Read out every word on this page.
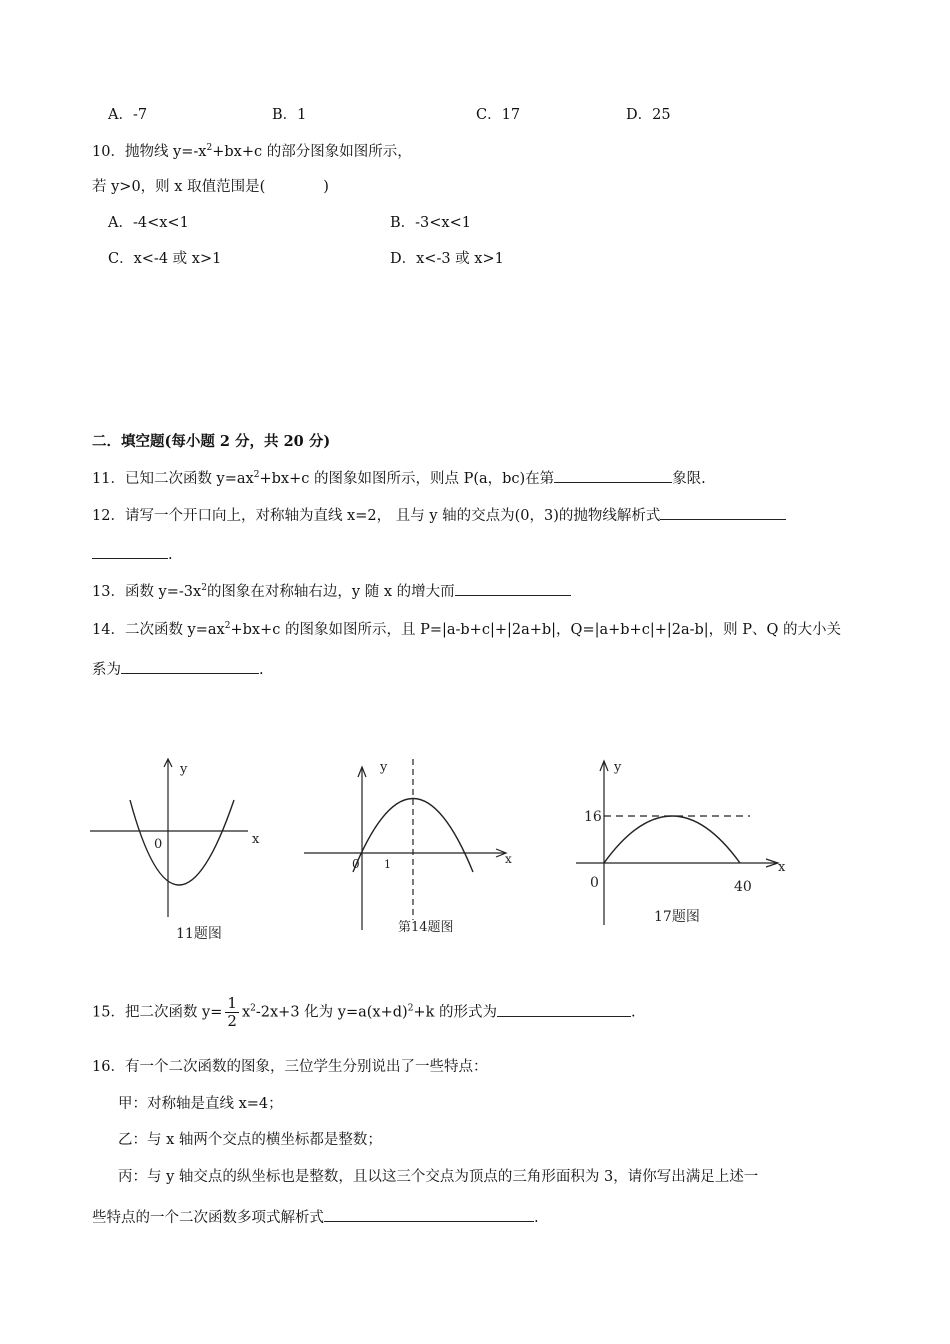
A．-7	B．1	C．17	D．25
10．抛物线 $y=-x^2+bx+c$ 的部分图象如图所示，
若 y>0，则 x 取值范围是(	)
A．-4<x<1	B．-3<x<1
C．x<-4 或 x>1	D．x<-3 或 x>1
二．填空题(每小题 2 分，共 20 分)
11．已知二次函数 $y=ax^2+bx+c$ 的图象如图所示，则点 P(a，bc)在第	象限.
12．请写一个开口向上，对称轴为直线 x=2， 且与 y 轴的交点为(0，3)的抛物线解析式
.
13．函数 $y=-3x^2$的图象在对称轴右边，y 随 x 的增大而
14．二次函数 $y=ax^2+bx+c$ 的图象如图所示，且 P=|a-b+c|+|2a+b|，Q=|a+b+c|+|2a-b|，则 P、Q 的大小关
系为	.
y
x
0
11题图
y
x
0 1
第14题图
y
x
16
0	40
17题图
15．把二次函数 $y= \frac{1}{2} x^2-2x+3$ 化为 $y=a(x+d)^2+k$ 的形式为	.
16．有一个二次函数的图象，三位学生分别说出了一些特点：
甲：对称轴是直线 x=4；
乙：与 x 轴两个交点的横坐标都是整数；
丙：与 y 轴交点的纵坐标也是整数，且以这三个交点为顶点的三角形面积为 3，请你写出满足上述一
些特点的一个二次函数多项式解析式	.
